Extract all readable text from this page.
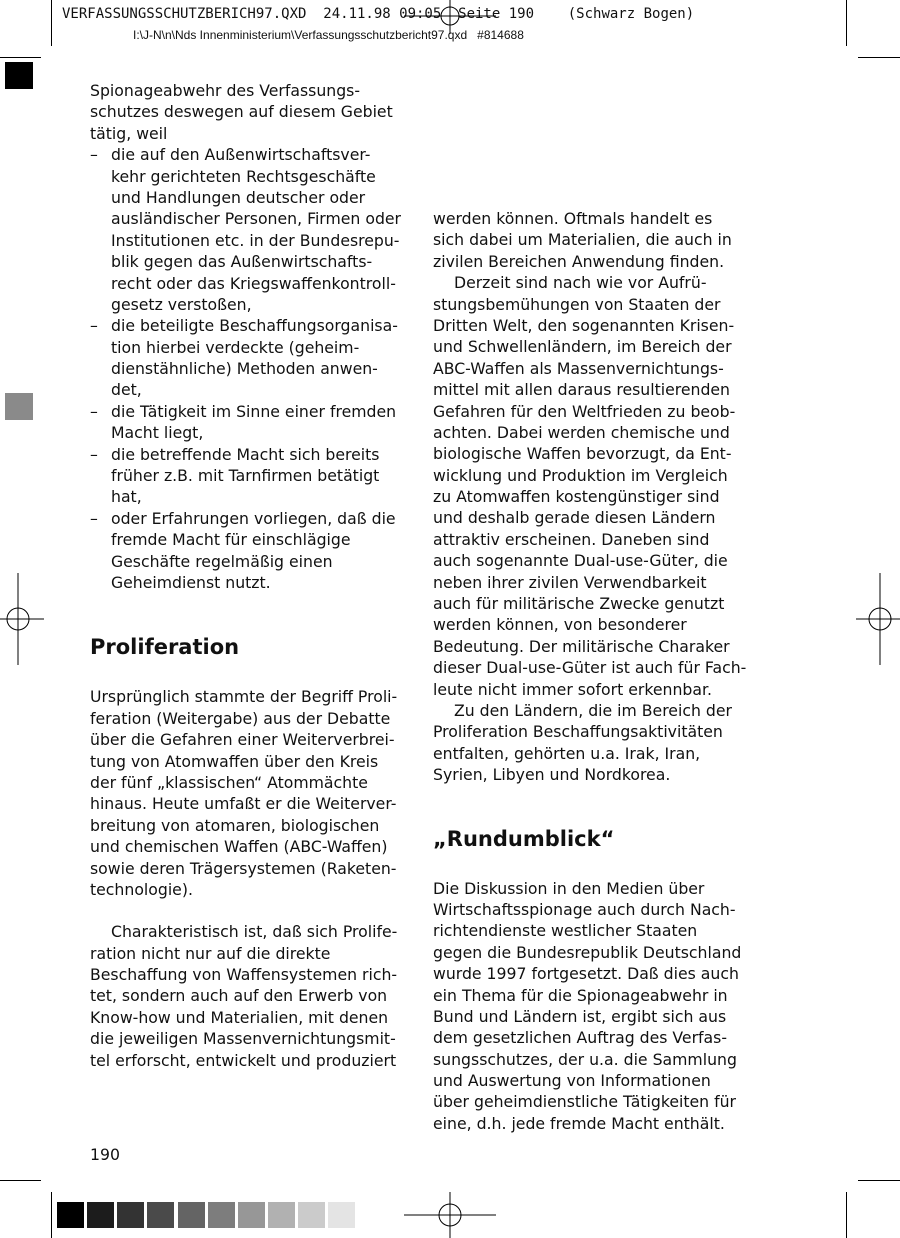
VERFASSUNGSSCHUTZBERICH97.QXD  24.11.98 09:05  Seite 190    (Schwarz Bogen)
I:\J-N\n\Nds Innenministerium\Verfassungsschutzbericht97.qxd   #814688
Spionageabwehr des Verfassungs-
schutzes deswegen auf diesem Gebiet
tätig, weil
– die auf den Außenwirtschaftsver-
kehr gerichteten Rechtsgeschäfte
und Handlungen deutscher oder
ausländischer Personen, Firmen oder
Institutionen etc. in der Bundesrepu-
blik gegen das Außenwirtschafts-
recht oder das Kriegswaffenkontroll-
gesetz verstoßen,
– die beteiligte Beschaffungsorganisa-
tion hierbei verdeckte (geheim-
dienstähnliche) Methoden anwen-
det,
– die Tätigkeit im Sinne einer fremden
Macht liegt,
– die betreffende Macht sich bereits
früher z.B. mit Tarnfirmen betätigt
hat,
– oder Erfahrungen vorliegen, daß die
fremde Macht für einschlägige
Geschäfte regelmäßig einen
Geheimdienst nutzt.
Proliferation
Ursprünglich stammte der Begriff Proli-
feration (Weitergabe) aus der Debatte
über die Gefahren einer Weiterverbrei-
tung von Atomwaffen über den Kreis
der fünf „klassischen“ Atommächte
hinaus. Heute umfaßt er die Weiterver-
breitung von atomaren, biologischen
und chemischen Waffen (ABC-Waffen)
sowie deren Trägersystemen (Raketen-
technologie).
Charakteristisch ist, daß sich Prolife-
ration nicht nur auf die direkte
Beschaffung von Waffensystemen rich-
tet, sondern auch auf den Erwerb von
Know-how und Materialien, mit denen
die jeweiligen Massenvernichtungsmit-
tel erforscht, entwickelt und produziert
werden können. Oftmals handelt es
sich dabei um Materialien, die auch in
zivilen Bereichen Anwendung finden.
Derzeit sind nach wie vor Aufrü-
stungsbemühungen von Staaten der
Dritten Welt, den sogenannten Krisen-
und Schwellenländern, im Bereich der
ABC-Waffen als Massenvernichtungs-
mittel mit allen daraus resultierenden
Gefahren für den Weltfrieden zu beob-
achten. Dabei werden chemische und
biologische Waffen bevorzugt, da Ent-
wicklung und Produktion im Vergleich
zu Atomwaffen kostengünstiger sind
und deshalb gerade diesen Ländern
attraktiv erscheinen. Daneben sind
auch sogenannte Dual-use-Güter, die
neben ihrer zivilen Verwendbarkeit
auch für militärische Zwecke genutzt
werden können, von besonderer
Bedeutung. Der militärische Charaker
dieser Dual-use-Güter ist auch für Fach-
leute nicht immer sofort erkennbar.
Zu den Ländern, die im Bereich der
Proliferation Beschaffungsaktivitäten
entfalten, gehörten u.a. Irak, Iran,
Syrien, Libyen und Nordkorea.
„Rundumblick“
Die Diskussion in den Medien über
Wirtschaftsspionage auch durch Nach-
richtendienste westlicher Staaten
gegen die Bundesrepublik Deutschland
wurde 1997 fortgesetzt. Daß dies auch
ein Thema für die Spionageabwehr in
Bund und Ländern ist, ergibt sich aus
dem gesetzlichen Auftrag des Verfas-
sungsschutzes, der u.a. die Sammlung
und Auswertung von Informationen
über geheimdienstliche Tätigkeiten für
eine, d.h. jede fremde Macht enthält.
190
